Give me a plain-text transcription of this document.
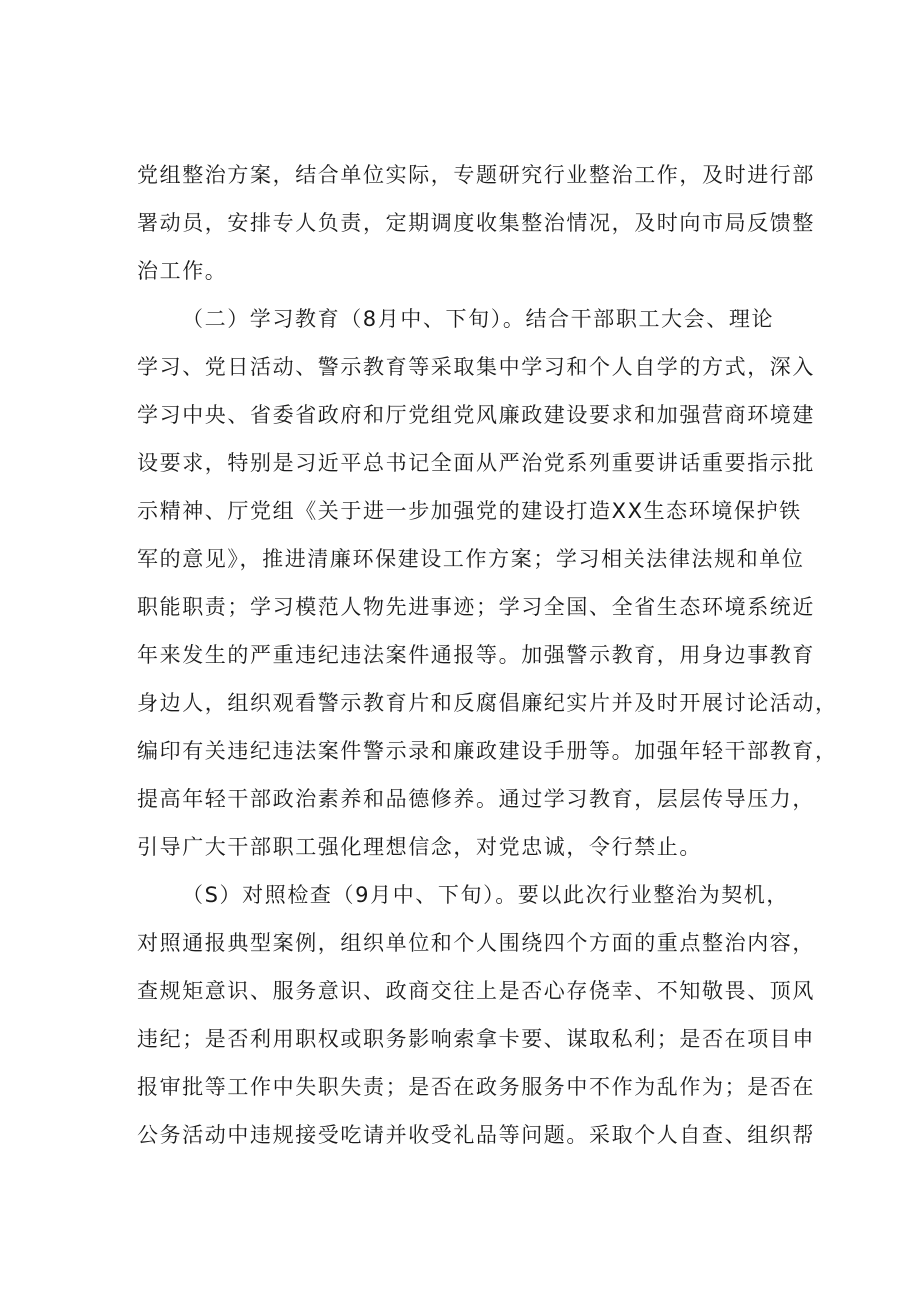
党组整治方案，结合单位实际，专题研究行业整治工作，及时进行部
署动员，安排专人负责，定期调度收集整治情况，及时向市局反馈整
治工作。
（二）学习教育（8月中、下旬）。结合干部职工大会、理论
学习、党日活动、警示教育等采取集中学习和个人自学的方式，深入
学习中央、省委省政府和厅党组党风廉政建设要求和加强营商环境建
设要求，特别是习近平总书记全面从严治党系列重要讲话重要指示批
示精神、厅党组《关于进一步加强党的建设打造XX生态环境保护铁
军的意见》，推进清廉环保建设工作方案；学习相关法律法规和单位
职能职责；学习模范人物先进事迹；学习全国、全省生态环境系统近
年来发生的严重违纪违法案件通报等。加强警示教育，用身边事教育
身边人，组织观看警示教育片和反腐倡廉纪实片并及时开展讨论活动，
编印有关违纪违法案件警示录和廉政建设手册等。加强年轻干部教育，
提高年轻干部政治素养和品德修养。通过学习教育，层层传导压力，
引导广大干部职工强化理想信念，对党忠诚，令行禁止。
（S）对照检查（9月中、下旬）。要以此次行业整治为契机，
对照通报典型案例，组织单位和个人围绕四个方面的重点整治内容，
查规矩意识、服务意识、政商交往上是否心存侥幸、不知敬畏、顶风
违纪；是否利用职权或职务影响索拿卡要、谋取私利；是否在项目申
报审批等工作中失职失责；是否在政务服务中不作为乱作为；是否在
公务活动中违规接受吃请并收受礼品等问题。采取个人自查、组织帮
